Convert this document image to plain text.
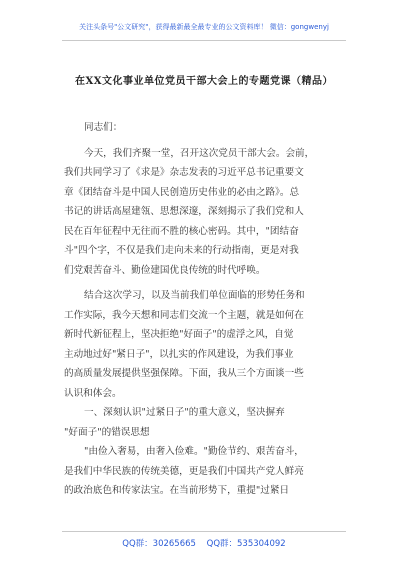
关注头条号"公文研究"，获得最新最全最专业的公文资料库！ 微信：gongwenyj
在XX文化事业单位党员干部大会上的专题党课（精品）
同志们：
今天，我们齐聚一堂，召开这次党员干部大会。会前，
我们共同学习了《求是》杂志发表的习近平总书记重要文
章《团结奋斗是中国人民创造历史伟业的必由之路》。总
书记的讲话高屋建瓴、思想深邃，深刻揭示了我们党和人
民在百年征程中无往而不胜的核心密码。其中，"团结奋
斗"四个字，不仅是我们走向未来的行动指南，更是对我
们党艰苦奋斗、勤俭建国优良传统的时代呼唤。
结合这次学习，以及当前我们单位面临的形势任务和
工作实际，我今天想和同志们交流一个主题，就是如何在
新时代新征程上，坚决拒绝"好面子"的虚浮之风，自觉
主动地过好"紧日子"，以扎实的作风建设，为我们事业
的高质量发展提供坚强保障。下面，我从三个方面谈一些
认识和体会。
一、深刻认识"过紧日子"的重大意义，坚决摒弃
"好面子"的错误思想
"由俭入奢易，由奢入俭难。"勤俭节约、艰苦奋斗，
是我们中华民族的传统美德，更是我们中国共产党人鲜亮
的政治底色和传家法宝。在当前形势下，重提"过紧日
QQ群：30265665 QQ群：535304092
